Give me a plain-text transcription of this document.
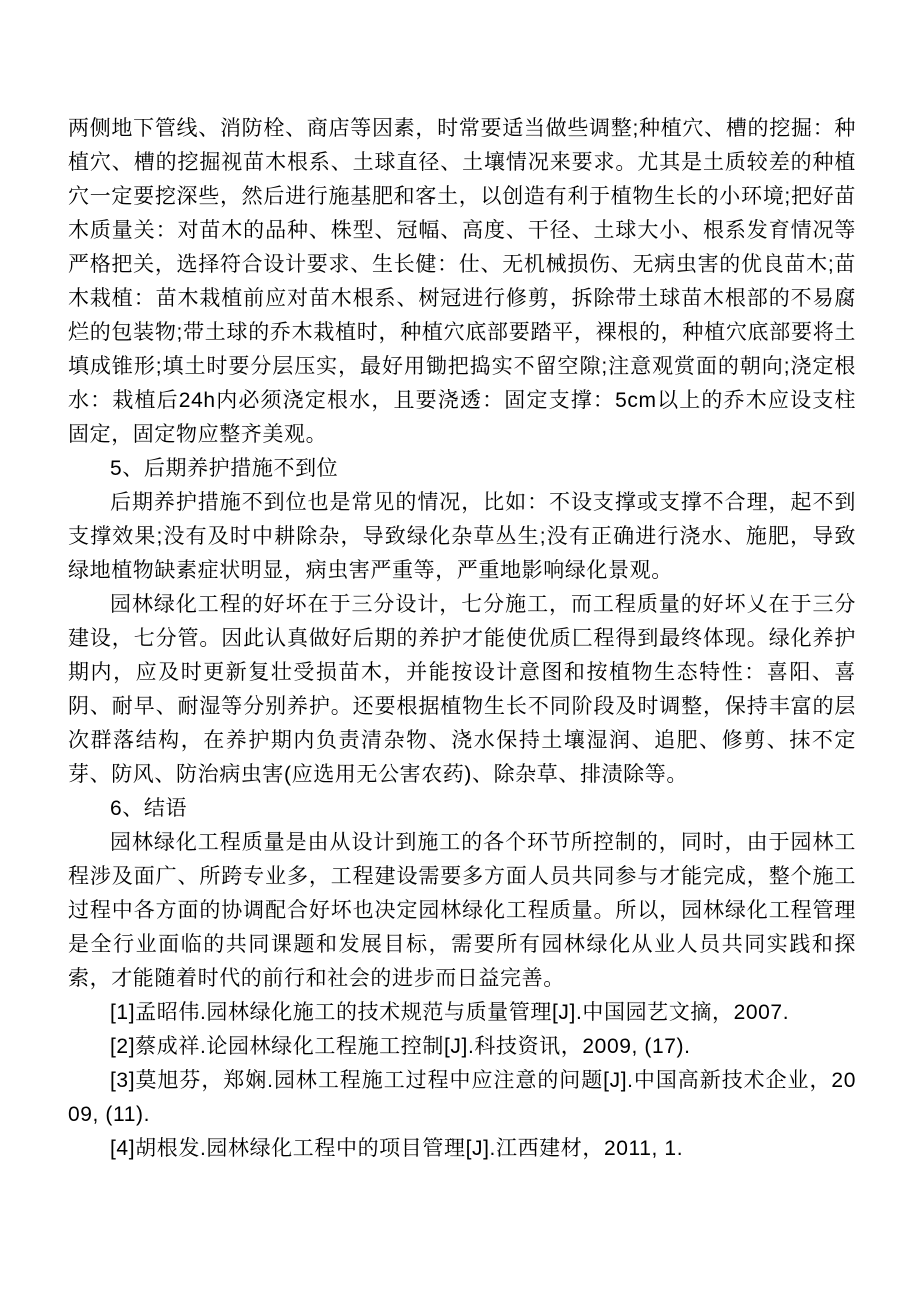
两侧地下管线、消防栓、商店等因素，时常要适当做些调整;种植穴、槽的挖掘：种植穴、槽的挖掘视苗木根系、土球直径、土壤情况来要求。尤其是土质较差的种植穴一定要挖深些，然后进行施基肥和客土，以创造有利于植物生长的小环境;把好苗木质量关：对苗木的品种、株型、冠幅、高度、干径、土球大小、根系发育情况等严格把关，选择符合设计要求、生长健：仕、无机械损伤、无病虫害的优良苗木;苗木栽植：苗木栽植前应对苗木根系、树冠进行修剪，拆除带土球苗木根部的不易腐烂的包装物;带土球的乔木栽植时，种植穴底部要踏平，裸根的，种植穴底部要将土填成锥形;填土时要分层压实，最好用锄把捣实不留空隙;注意观赏面的朝向;浇定根水：栽植后24h内必须浇定根水，且要浇透：固定支撑：5cm以上的乔木应设支柱固定，固定物应整齐美观。

5、后期养护措施不到位

后期养护措施不到位也是常见的情况，比如：不设支撑或支撑不合理，起不到支撑效果;没有及时中耕除杂，导致绿化杂草丛生;没有正确进行浇水、施肥，导致绿地植物缺素症状明显，病虫害严重等，严重地影响绿化景观。

园林绿化工程的好坏在于三分设计，七分施工，而工程质量的好坏乂在于三分建设，七分管。因此认真做好后期的养护才能使优质匚程得到最终体现。绿化养护期内，应及时更新复壮受损苗木，并能按设计意图和按植物生态特性：喜阳、喜阴、耐早、耐湿等分别养护。还要根据植物生长不同阶段及时调整，保持丰富的层次群落结构，在养护期内负责清杂物、浇水保持土壤湿润、追肥、修剪、抹不定芽、防风、防治病虫害(应选用无公害农药)、除杂草、排渍除等。

6、结语

园林绿化工程质量是由从设计到施工的各个环节所控制的，同时，由于园林工程涉及面广、所跨专业多，工程建设需要多方面人员共同参与才能完成，整个施工过程中各方面的协调配合好坏也决定园林绿化工程质量。所以，园林绿化工程管理是全行业面临的共同课题和发展目标，需要所有园林绿化从业人员共同实践和探索，才能随着时代的前行和社会的进步而日益完善。

[1]孟昭伟.园林绿化施工的技术规范与质量管理[J].中国园艺文摘，2007.

[2]蔡成祥.论园林绿化工程施工控制[J].科技资讯，2009, (17).

[3]莫旭芬，郑娴.园林工程施工过程中应注意的问题[J].中国高新技术企业，2009, (11).

[4]胡根发.园林绿化工程中的项目管理[J].江西建材，2011, 1.
